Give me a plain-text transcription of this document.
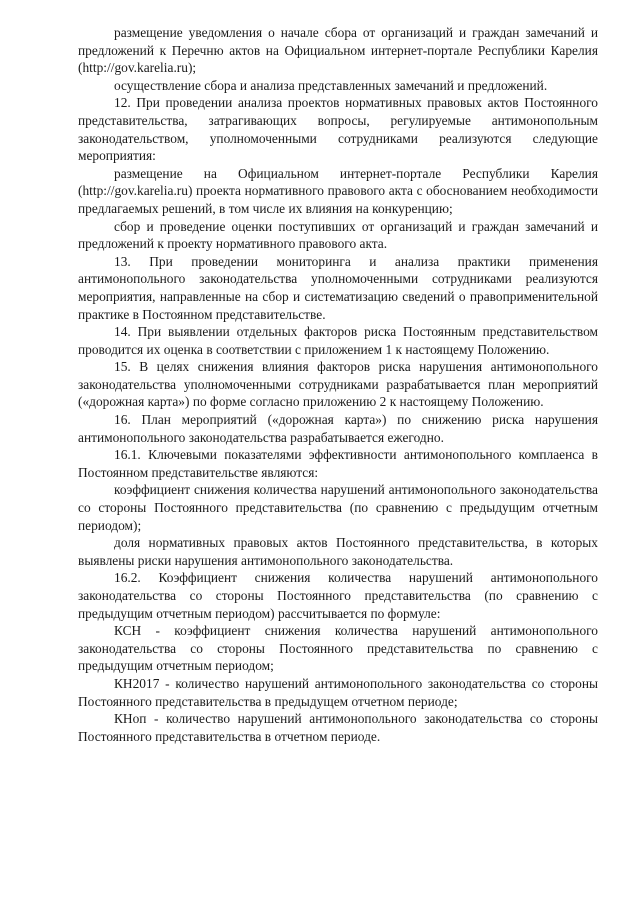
размещение уведомления о начале сбора от организаций и граждан замечаний и предложений к Перечню актов на Официальном интернет-портале Республики Карелия (http://gov.karelia.ru);

осуществление сбора и анализа представленных замечаний и предложений.

12. При проведении анализа проектов нормативных правовых актов Постоянного представительства, затрагивающих вопросы, регулируемые антимонопольным законодательством, уполномоченными сотрудниками реализуются следующие мероприятия:

размещение на Официальном интернет-портале Республики Карелия (http://gov.karelia.ru) проекта нормативного правового акта с обоснованием необходимости предлагаемых решений, в том числе их влияния на конкуренцию;

сбор и проведение оценки поступивших от организаций и граждан замечаний и предложений к проекту нормативного правового акта.

13. При проведении мониторинга и анализа практики применения антимонопольного законодательства уполномоченными сотрудниками реализуются мероприятия, направленные на сбор и систематизацию сведений о правоприменительной практике в Постоянном представительстве.

14. При выявлении отдельных факторов риска Постоянным представительством проводится их оценка в соответствии с приложением 1 к настоящему Положению.

15. В целях снижения влияния факторов риска нарушения антимонопольного законодательства уполномоченными сотрудниками разрабатывается план мероприятий («дорожная карта») по форме согласно приложению 2 к настоящему Положению.

16. План мероприятий («дорожная карта») по снижению риска нарушения антимонопольного законодательства разрабатывается ежегодно.

16.1. Ключевыми показателями эффективности антимонопольного комплаенса в Постоянном представительстве являются:

коэффициент снижения количества нарушений антимонопольного законодательства со стороны Постоянного представительства (по сравнению с предыдущим отчетным периодом);

доля нормативных правовых актов Постоянного представительства, в которых выявлены риски нарушения антимонопольного законодательства.

16.2. Коэффициент снижения количества нарушений антимонопольного законодательства со стороны Постоянного представительства (по сравнению с предыдущим отчетным периодом) рассчитывается по формуле:

КСН - коэффициент снижения количества нарушений антимонопольного законодательства со стороны Постоянного представительства по сравнению с предыдущим отчетным периодом;

КН2017 - количество нарушений антимонопольного законодательства со стороны Постоянного представительства в предыдущем отчетном периоде;

КНоп - количество нарушений антимонопольного законодательства со стороны Постоянного представительства в отчетном периоде.
